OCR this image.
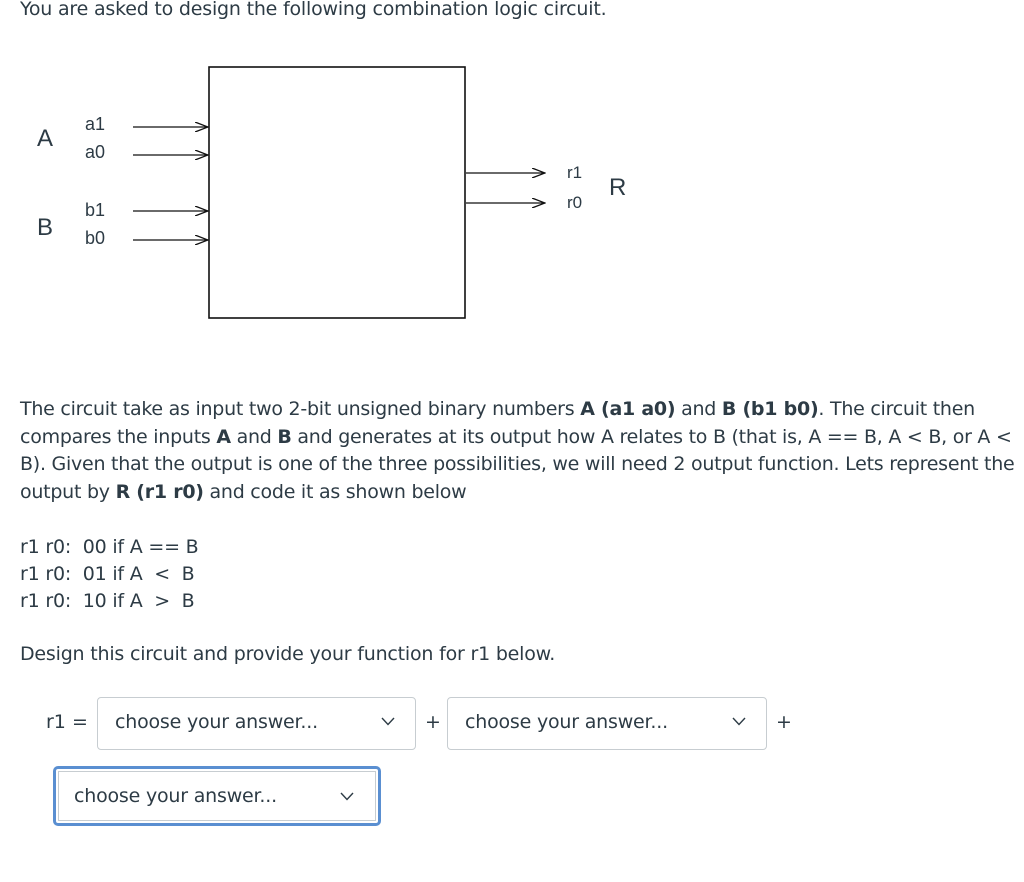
You are asked to design the following combination logic circuit.
A
B
a1
a0
b1
b0
r1
r0
R

The circuit take as input two 2-bit unsigned binary numbers A (a1 a0) and B (b1 b0). The circuit then compares the inputs A and B and generates at its output how A relates to B (that is, A == B, A < B, or A < B). Given that the output is one of the three possibilities, we will need 2 output function. Lets represent the output by R (r1 r0) and code it as shown below

r1 r0:  00 if A == B
r1 r0:  01 if A  <  B
r1 r0:  10 if A  >  B
Design this circuit and provide your function for r1 below.
r1 = choose your answer...	+ choose your answer...	+
choose your answer...
